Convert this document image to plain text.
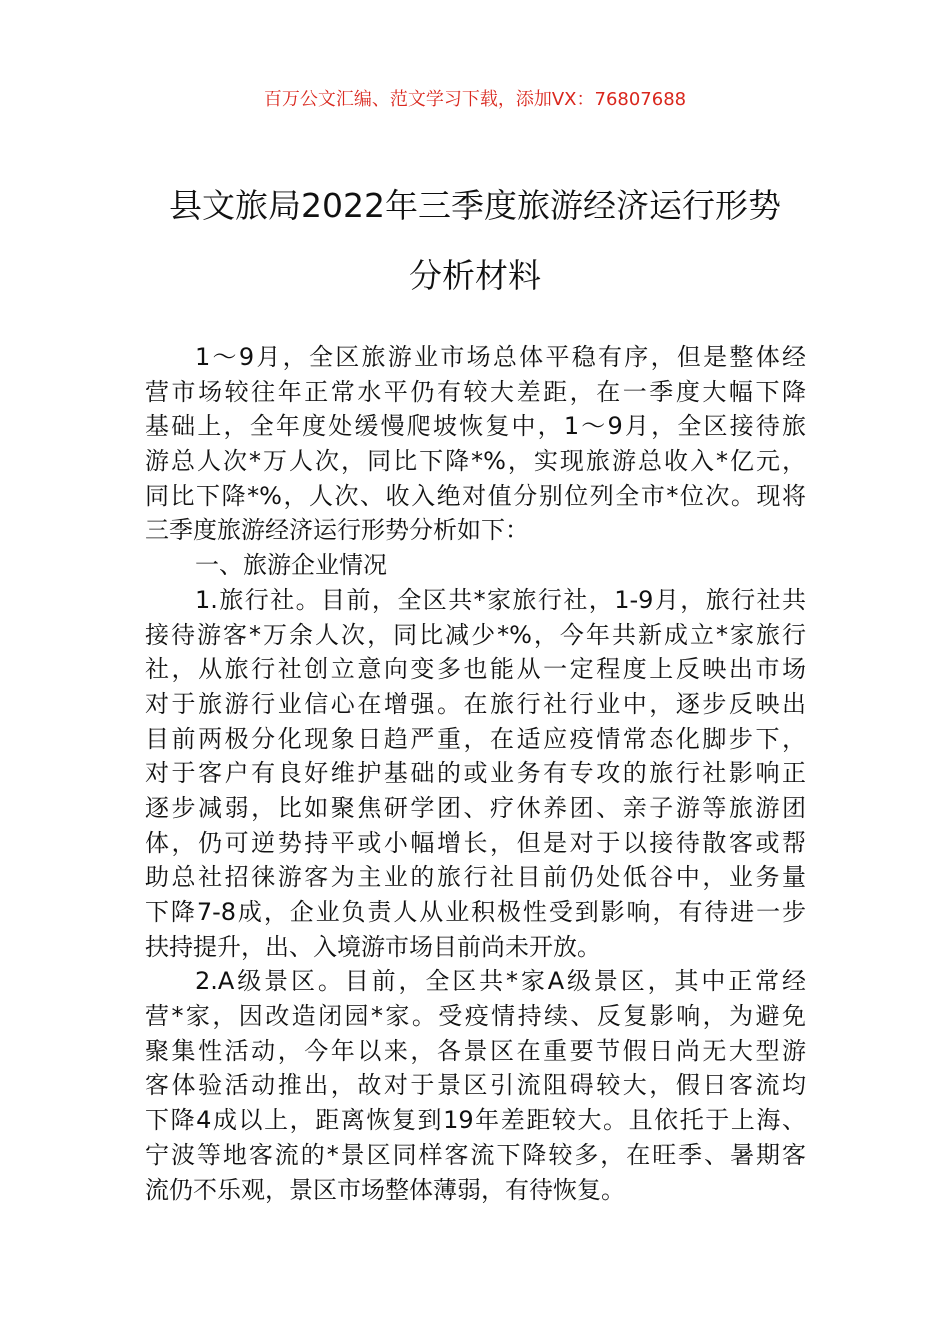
百万公文汇编、范文学习下载，添加VX：76807688
县文旅局2022年三季度旅游经济运行形势
分析材料
1～9月，全区旅游业市场总体平稳有序，但是整体经
营市场较往年正常水平仍有较大差距，在一季度大幅下降
基础上，全年度处缓慢爬坡恢复中，1～9月，全区接待旅
游总人次*万人次，同比下降*%，实现旅游总收入*亿元，
同比下降*%，人次、收入绝对值分别位列全市*位次。现将
三季度旅游经济运行形势分析如下：
一、旅游企业情况
1.旅行社。目前，全区共*家旅行社，1-9月，旅行社共
接待游客*万余人次，同比减少*%，今年共新成立*家旅行
社，从旅行社创立意向变多也能从一定程度上反映出市场
对于旅游行业信心在增强。在旅行社行业中，逐步反映出
目前两极分化现象日趋严重，在适应疫情常态化脚步下，
对于客户有良好维护基础的或业务有专攻的旅行社影响正
逐步减弱，比如聚焦研学团、疗休养团、亲子游等旅游团
体，仍可逆势持平或小幅增长，但是对于以接待散客或帮
助总社招徕游客为主业的旅行社目前仍处低谷中，业务量
下降7-8成，企业负责人从业积极性受到影响，有待进一步
扶持提升，出、入境游市场目前尚未开放。
2.A级景区。目前，全区共*家A级景区，其中正常经
营*家，因改造闭园*家。受疫情持续、反复影响，为避免
聚集性活动，今年以来，各景区在重要节假日尚无大型游
客体验活动推出，故对于景区引流阻碍较大，假日客流均
下降4成以上，距离恢复到19年差距较大。且依托于上海、
宁波等地客流的*景区同样客流下降较多，在旺季、暑期客
流仍不乐观，景区市场整体薄弱，有待恢复。
